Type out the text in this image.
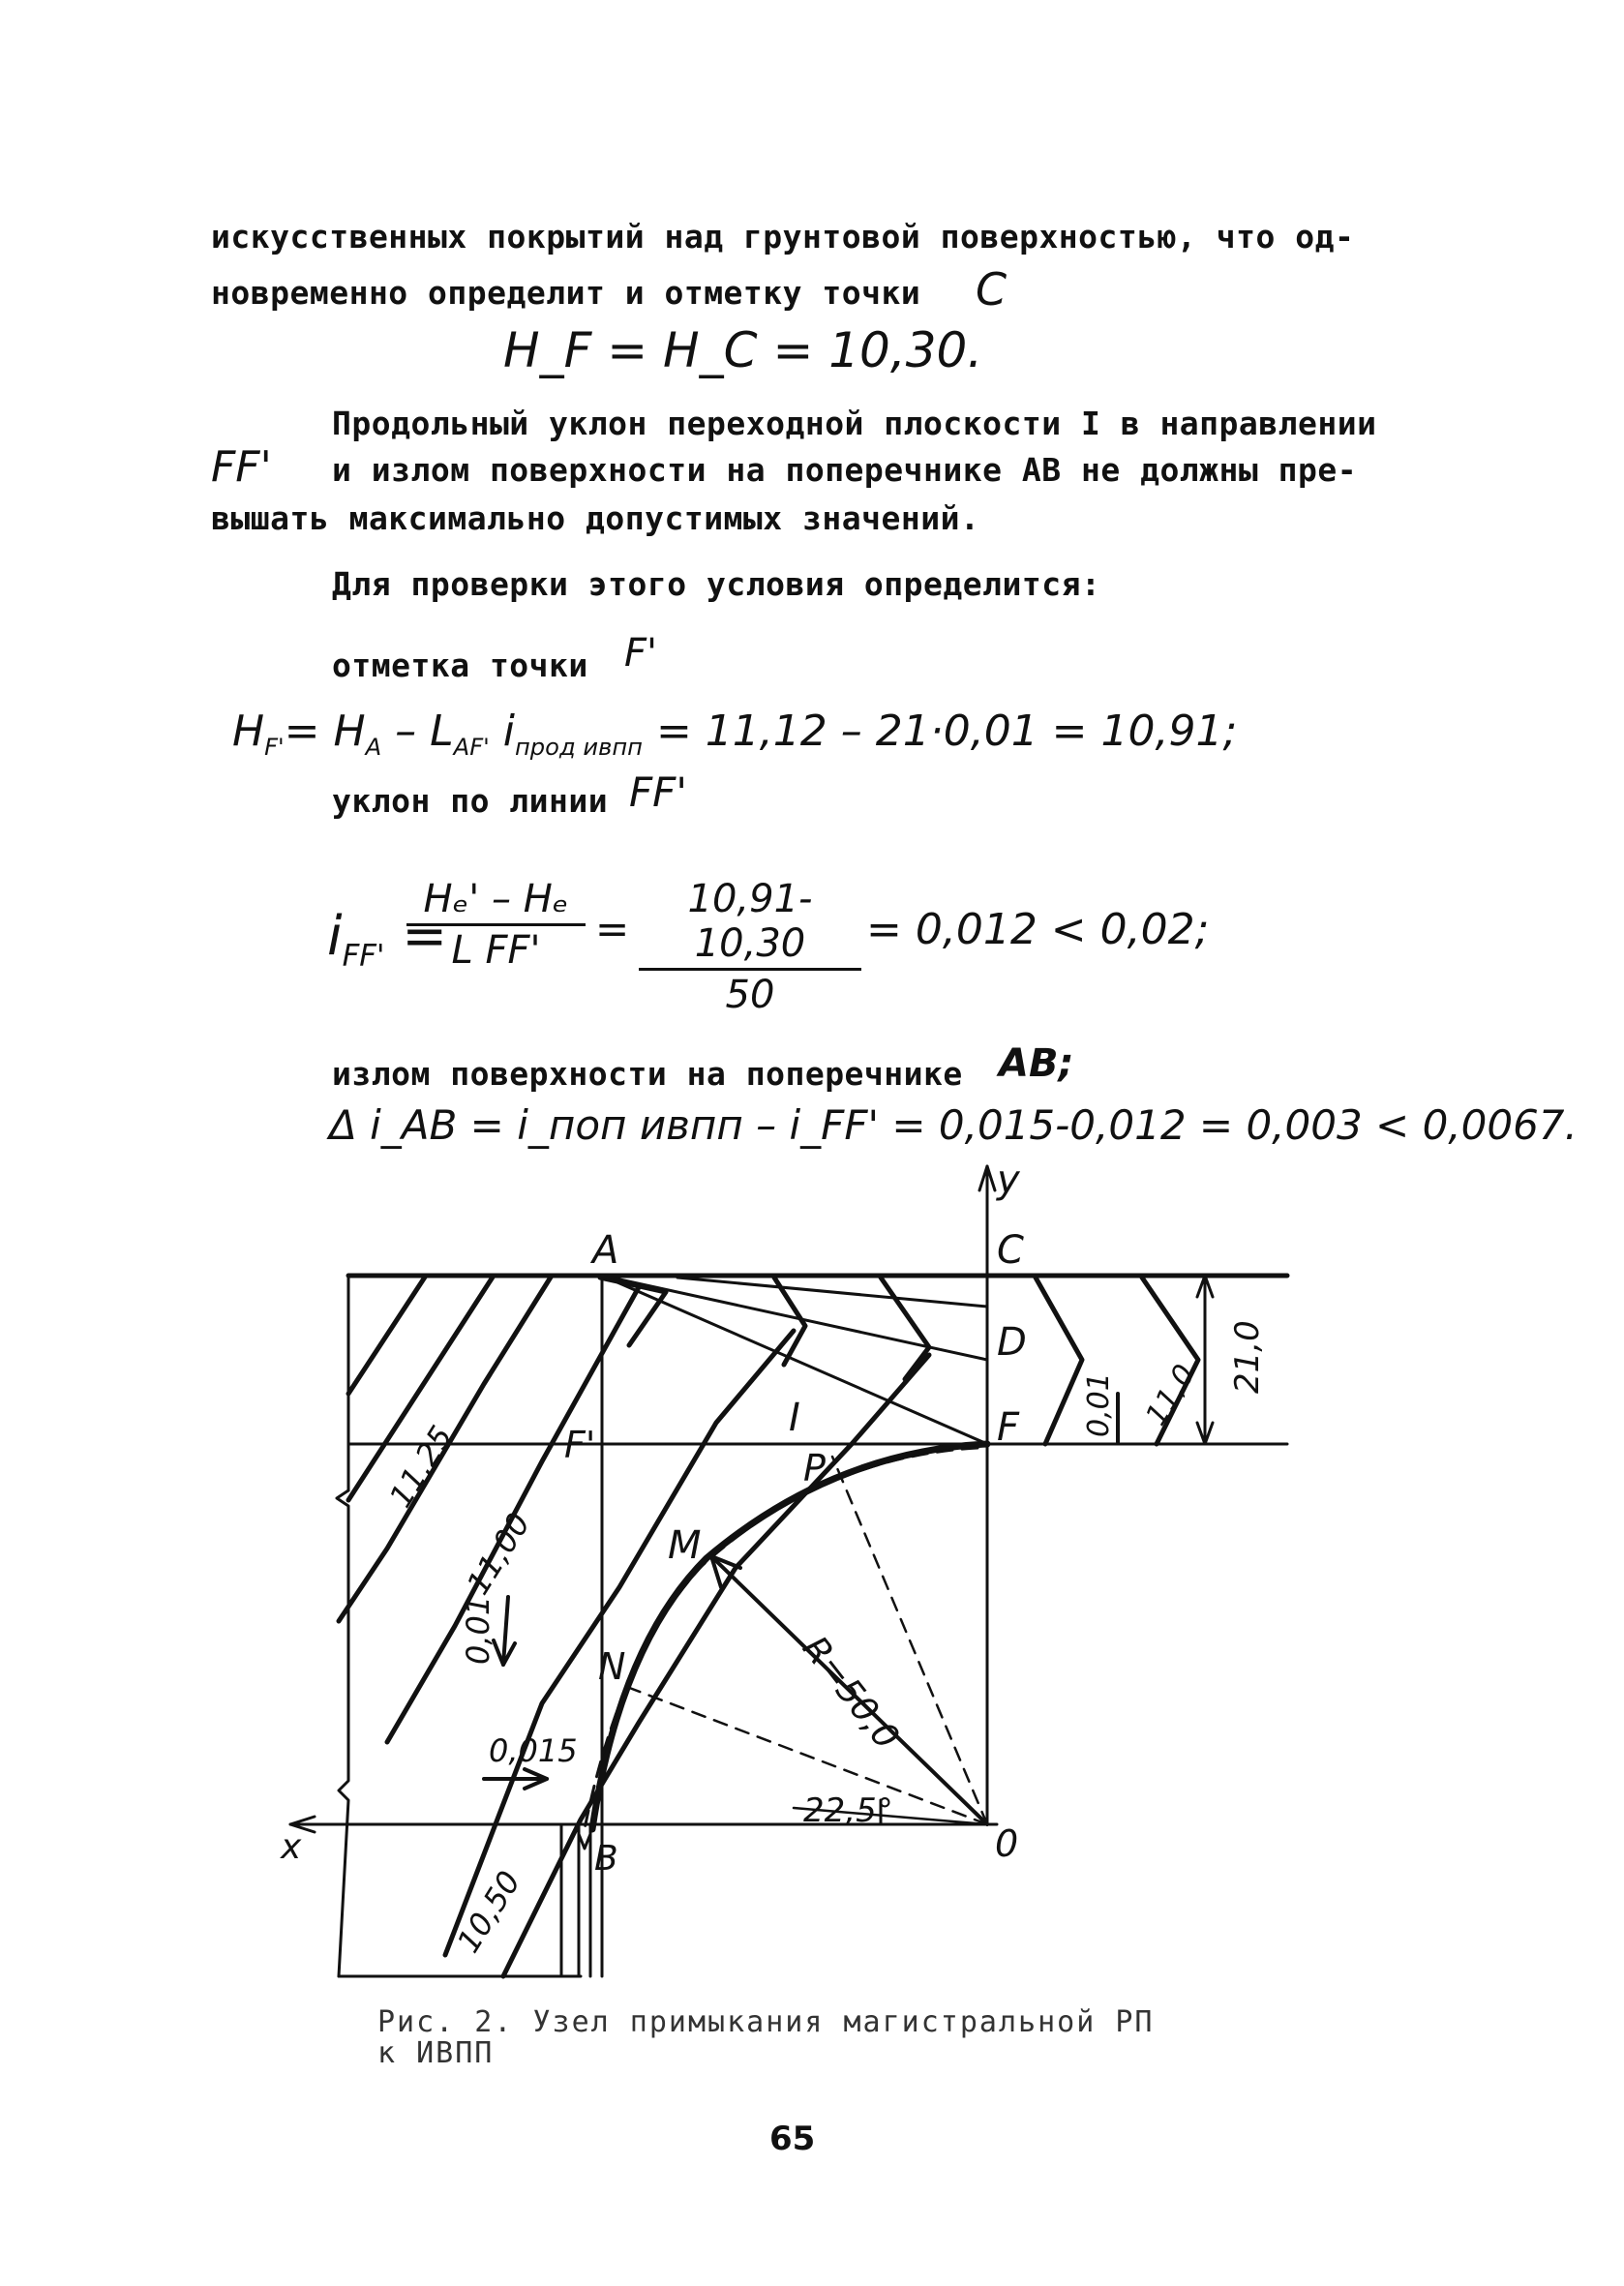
искусственных покрытий над грунтовой поверхностью, что од-
новременно определит и отметку точки C
H_F = H_C = 10,30.
Продольный уклон переходной плоскости I в направлении
FF' и излом поверхности на поперечнике АВ не должны пре-
вышать максимально допустимых значений.
Для проверки этого условия определится:
отметка точки F'
$H_{F'}= H_A - L_{AF'}$ $i_{прод ивпп} = 11,12 - 21\cdot 0,01 = 10,91$;
уклон по линии FF'
$i_{FF'}$ =
$\frac{\text{Hₑ' – Hₑ}}{\text{L FF'}} = \frac{10,91-10,30}{50} = 0,012 < 0,02$;
излом поверхности на поперечнике АВ;
Δ i_AB = i_поп ивпп – i_FF' = 0,015-0,012 = 0,003 < 0,0067.
y
x
A	C
D
F
F'
I
P
M
N
B	0
R=50,0
22,5°
21,0
11,25
11,00
10,50
11,0
0,01
0,015
0,01
Рис. 2. Узел примыкания магистральной РП
к ИВПП
65
